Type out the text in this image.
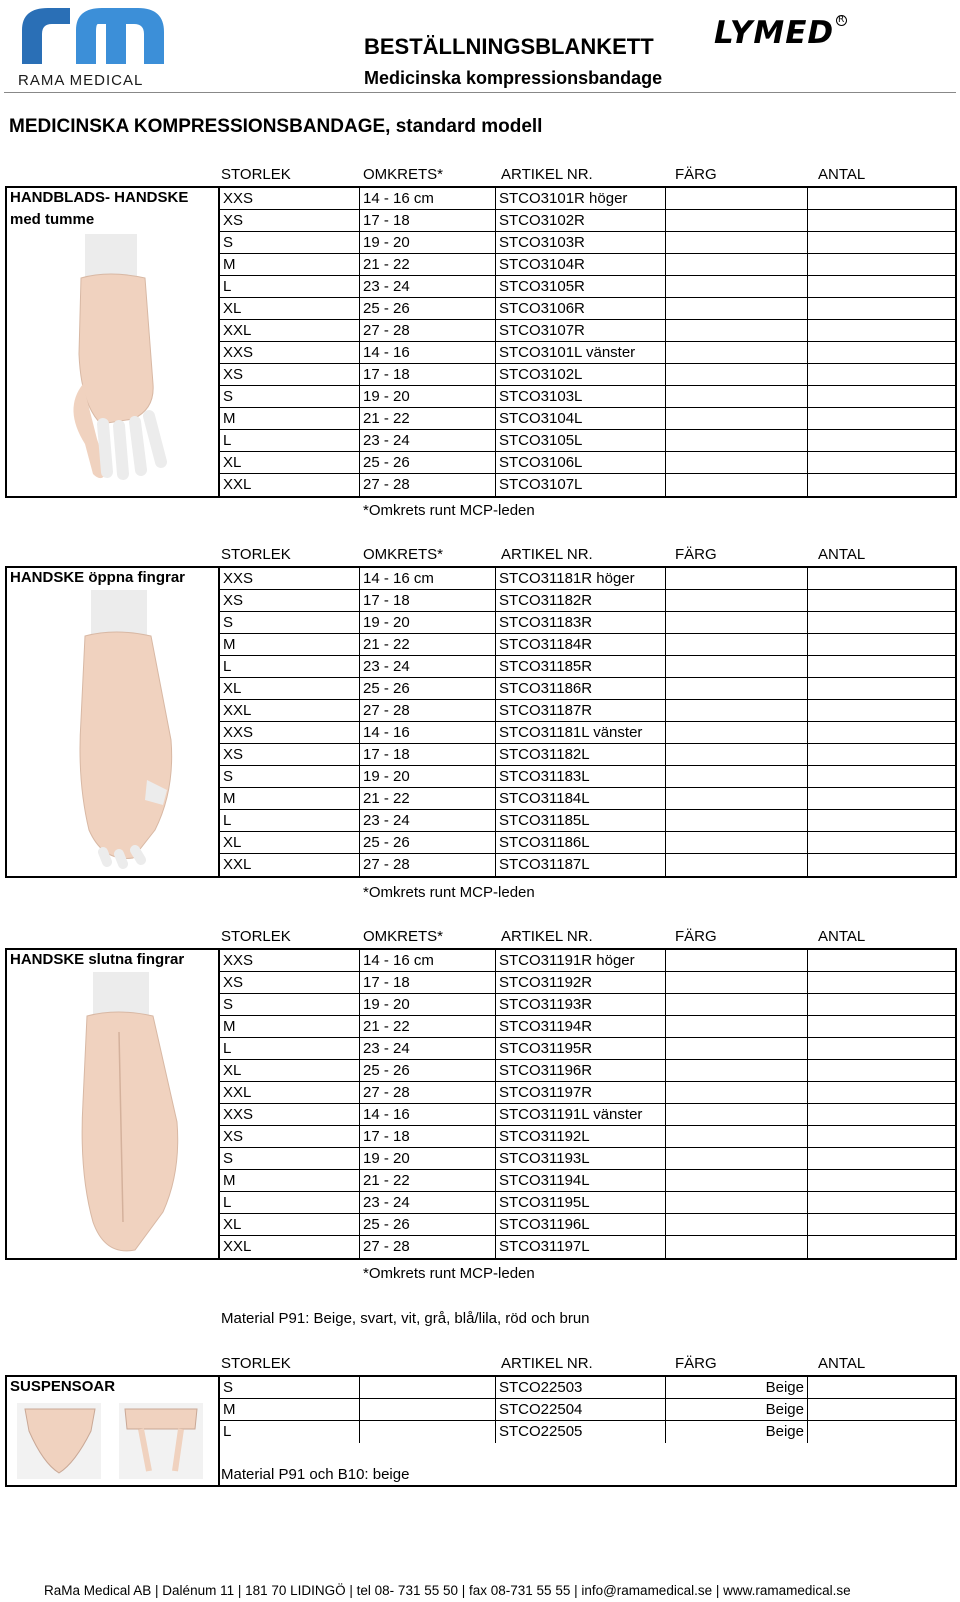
RAMA MEDICAL
BESTÄLLNINGSBLANKETT
Medicinska kompressionsbandage
LYMED R
MEDICINSKA KOMPRESSIONSBANDAGE, standard modell
STORLEK	OMKRETS*	ARTIKEL NR.	FÄRG	ANTAL
HANDBLADS- HANDSKE
med tumme
XXS	14 - 16 cm	STCO3101R höger
XS	17 - 18	STCO3102R
S	19 - 20	STCO3103R
M	21 - 22	STCO3104R
L	23 - 24	STCO3105R
XL	25 - 26	STCO3106R
XXL	27 - 28	STCO3107R
XXS	14 - 16	STCO3101L vänster
XS	17 - 18	STCO3102L
S	19 - 20	STCO3103L
M	21 - 22	STCO3104L
L	23 - 24	STCO3105L
XL	25 - 26	STCO3106L
XXL	27 - 28	STCO3107L
*Omkrets runt MCP-leden
STORLEK	OMKRETS*	ARTIKEL NR.	FÄRG	ANTAL
HANDSKE öppna fingrar	XXS	14 - 16 cm	STCO31181R höger
XS	17 - 18	STCO31182R
S	19 - 20	STCO31183R
M	21 - 22	STCO31184R
L	23 - 24	STCO31185R
XL	25 - 26	STCO31186R
XXL	27 - 28	STCO31187R
XXS	14 - 16	STCO31181L vänster
XS	17 - 18	STCO31182L
S	19 - 20	STCO31183L
M	21 - 22	STCO31184L
L	23 - 24	STCO31185L
XL	25 - 26	STCO31186L
XXL	27 - 28	STCO31187L
*Omkrets runt MCP-leden
STORLEK	OMKRETS*	ARTIKEL NR.	FÄRG	ANTAL
HANDSKE slutna fingrar	XXS	14 - 16 cm	STCO31191R höger
XS	17 - 18	STCO31192R
S	19 - 20	STCO31193R
M	21 - 22	STCO31194R
L	23 - 24	STCO31195R
XL	25 - 26	STCO31196R
XXL	27 - 28	STCO31197R
XXS	14 - 16	STCO31191L vänster
XS	17 - 18	STCO31192L
S	19 - 20	STCO31193L
M	21 - 22	STCO31194L
L	23 - 24	STCO31195L
XL	25 - 26	STCO31196L
XXL	27 - 28	STCO31197L
*Omkrets runt MCP-leden
STORLEK	ARTIKEL NR.	FÄRG	ANTAL
SUSPENSOAR	S	STCO22503	Beige
M	STCO22504	Beige
L	STCO22505	Beige
Material P91: Beige, svart, vit, grå, blå/lila, röd och brun
Material P91 och B10: beige
RaMa Medical AB | Dalénum 11 | 181 70 LIDINGÖ | tel 08- 731 55 50 | fax 08-731 55 55 | info@ramamedical.se | www.ramamedical.se
